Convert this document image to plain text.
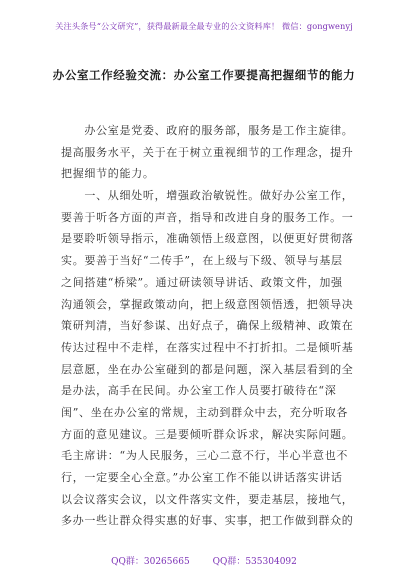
关注头条号“公文研究”，获得最新最全最专业的公文资料库！ 微信：gongwenyj
办公室工作经验交流：办公室工作要提高把握细节的能力
　　办公室是党委、政府的服务部，服务是工作主旋律。
提高服务水平，关于在于树立重视细节的工作理念，提升
把握细节的能力。
　　一、从细处听，增强政治敏锐性。做好办公室工作，
要善于听各方面的声音，指导和改进自身的服务工作。一
是要聆听领导指示，准确领悟上级意图，以便更好贯彻落
实。要善于当好“二传手”，在上级与下级、领导与基层
之间搭建“桥梁”。通过研读领导讲话、政策文件，加强
沟通领会，掌握政策动向，把上级意图领悟透，把领导决
策研判清，当好参谋、出好点子，确保上级精神、政策在
传达过程中不走样，在落实过程中不打折扣。二是倾听基
层意愿，坐在办公室碰到的都是问题，深入基层看到的全
是办法，高手在民间。办公室工作人员要打破待在“深
闺”、坐在办公室的常规，主动到群众中去，充分听取各
方面的意见建议。三是要倾听群众诉求，解决实际问题。
毛主席讲：“为人民服务，三心二意不行，半心半意也不
行，一定要全心全意。”办公室工作不能以讲话落实讲话
以会议落实会议，以文件落实文件，要走基层，接地气，
多办一些让群众得实惠的好事、实事，把工作做到群众的
QQ群：30265665	QQ群：535304092
